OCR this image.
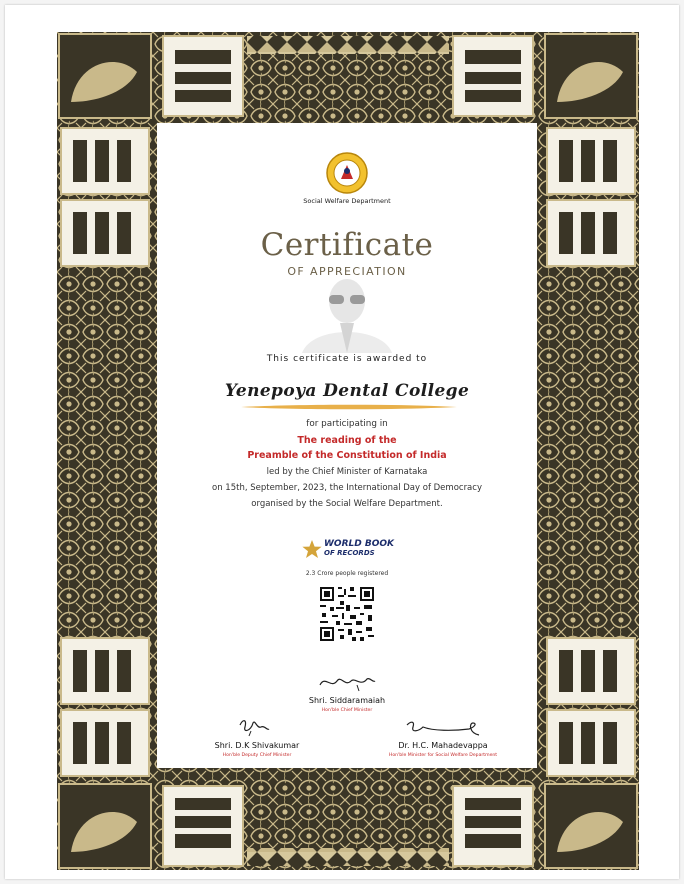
Social Welfare Department
Certificate
OF APPRECIATION
This certificate is awarded to
Yenepoya Dental College
for participating in
The reading of the
Preamble of the Constitution of India
led by the Chief Minister of Karnataka
on 15th, September, 2023, the International Day of Democracy
organised by the Social Welfare Department.
WORLD BOOK
OF RECORDS
2.3 Crore people registered
Shri. Siddaramaiah
Hon'ble Chief Minister
Shri. D.K Shivakumar
Hon'ble Deputy Chief Minister
Dr. H.C. Mahadevappa
Hon'ble Minister for Social Welfare Department
